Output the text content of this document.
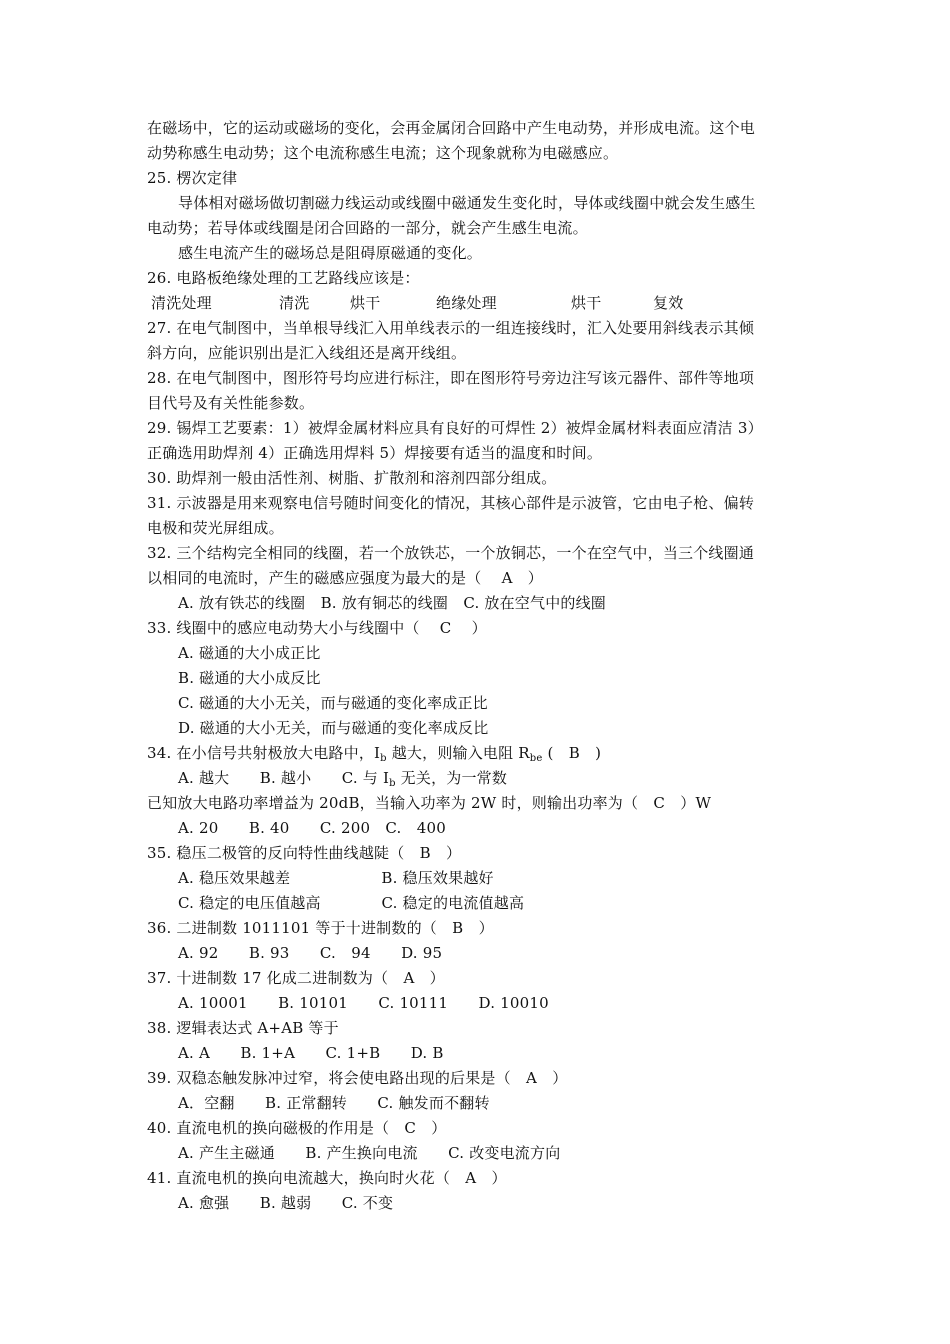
在磁场中，它的运动或磁场的变化，会再金属闭合回路中产生电动势，并形成电流。这个电
动势称感生电动势；这个电流称感生电流；这个现象就称为电磁感应。
25. 楞次定律
导体相对磁场做切割磁力线运动或线圈中磁通发生变化时，导体或线圈中就会发生感生
电动势；若导体或线圈是闭合回路的一部分，就会产生感生电流。
感生电流产生的磁场总是阻碍原磁通的变化。
26. 电路板绝缘处理的工艺路线应该是：
清洗处理	清洗	烘干	绝缘处理	烘干	复效
27. 在电气制图中，当单根导线汇入用单线表示的一组连接线时，汇入处要用斜线表示其倾
斜方向，应能识别出是汇入线组还是离开线组。
28. 在电气制图中，图形符号均应进行标注，即在图形符号旁边注写该元器件、部件等地项
目代号及有关性能参数。
29. 锡焊工艺要素：1）被焊金属材料应具有良好的可焊性 2）被焊金属材料表面应清洁 3）
正确选用助焊剂 4）正确选用焊料 5）焊接要有适当的温度和时间。
30. 助焊剂一般由活性剂、树脂、扩散剂和溶剂四部分组成。
31. 示波器是用来观察电信号随时间变化的情况，其核心部件是示波管，它由电子枪、偏转
电极和荧光屏组成。
32. 三个结构完全相同的线圈，若一个放铁芯，一个放铜芯，一个在空气中，当三个线圈通
以相同的电流时，产生的磁感应强度为最大的是（　 A　）
A. 放有铁芯的线圈　B. 放有铜芯的线圈　C. 放在空气中的线圈
33. 线圈中的感应电动势大小与线圈中（　 C　 ）
A. 磁通的大小成正比
B. 磁通的大小成反比
C. 磁通的大小无关，而与磁通的变化率成正比
D. 磁通的大小无关，而与磁通的变化率成反比
34. 在小信号共射极放大电路中，$I_b$ 越大，则输入电阻 $R_{be}$ (　B　)
A. 越大　　B. 越小　　C. 与 $I_b$ 无关，为一常数
已知放大电路功率增益为 20dB，当输入功率为 2W 时，则输出功率为（　C　）W
A. 20　　B. 40　　C. 200　C.　400
35. 稳压二极管的反向特性曲线越陡（　B　）
A. 稳压效果越差　　　　　　B. 稳压效果越好
C. 稳定的电压值越高　　　　C. 稳定的电流值越高
36. 二进制数 1011101 等于十进制数的（　B　）
A. 92　　B. 93　　C.　94　　D. 95
37. 十进制数 17 化成二进制数为（　A　）
A. 10001　　B. 10101　　C. 10111　　D. 10010
38. 逻辑表达式 A+AB 等于
A. A　　B. 1+A　　C. 1+B　　D. B
39. 双稳态触发脉冲过窄，将会使电路出现的后果是（　A　）
A．空翻　　B. 正常翻转　　C. 触发而不翻转
40. 直流电机的换向磁极的作用是（　C　）
A. 产生主磁通　　B. 产生换向电流　　C. 改变电流方向
41. 直流电机的换向电流越大，换向时火花（　A　）
A. 愈强　　B. 越弱　　C. 不变
